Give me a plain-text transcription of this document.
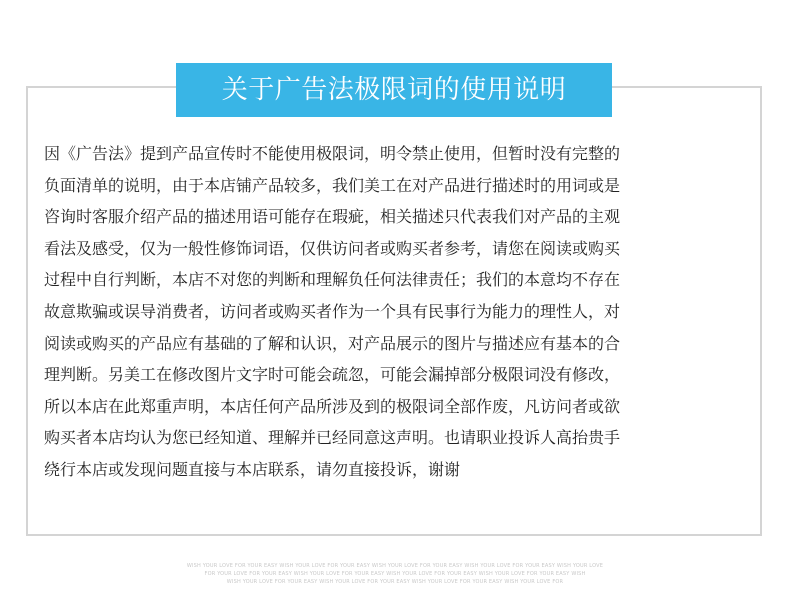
关于广告法极限词的使用说明
因《广告法》提到产品宣传时不能使用极限词，明令禁止使用，但暂时没有完整的
负面清单的说明，由于本店铺产品较多，我们美工在对产品进行描述时的用词或是
咨询时客服介绍产品的描述用语可能存在瑕疵，相关描述只代表我们对产品的主观
看法及感受，仅为一般性修饰词语，仅供访问者或购买者参考，请您在阅读或购买
过程中自行判断，本店不对您的判断和理解负任何法律责任；我们的本意均不存在
故意欺骗或误导消费者，访问者或购买者作为一个具有民事行为能力的理性人，对
阅读或购买的产品应有基础的了解和认识，对产品展示的图片与描述应有基本的合
理判断。另美工在修改图片文字时可能会疏忽，可能会漏掉部分极限词没有修改，
所以本店在此郑重声明，本店任何产品所涉及到的极限词全部作废，凡访问者或欲
购买者本店均认为您已经知道、理解并已经同意这声明。也请职业投诉人高抬贵手
绕行本店或发现问题直接与本店联系，请勿直接投诉，谢谢
WISH YOUR LOVE FOR YOUR EASY WISH YOUR LOVE FOR YOUR EASY WISH YOUR LOVE FOR YOUR EASY WISH YOUR LOVE FOR YOUR EASY WISH YOUR LOVE
FOR YOUR LOVE FOR YOUR EASY WISH YOUR LOVE FOR YOUR EASY WISH YOUR LOVE FOR YOUR EASY WISH YOUR LOVE FOR YOUR EASY WISH
WISH YOUR LOVE FOR YOUR EASY WISH YOUR LOVE FOR YOUR EASY WISH YOUR LOVE FOR YOUR EASY WISH YOUR LOVE FOR
